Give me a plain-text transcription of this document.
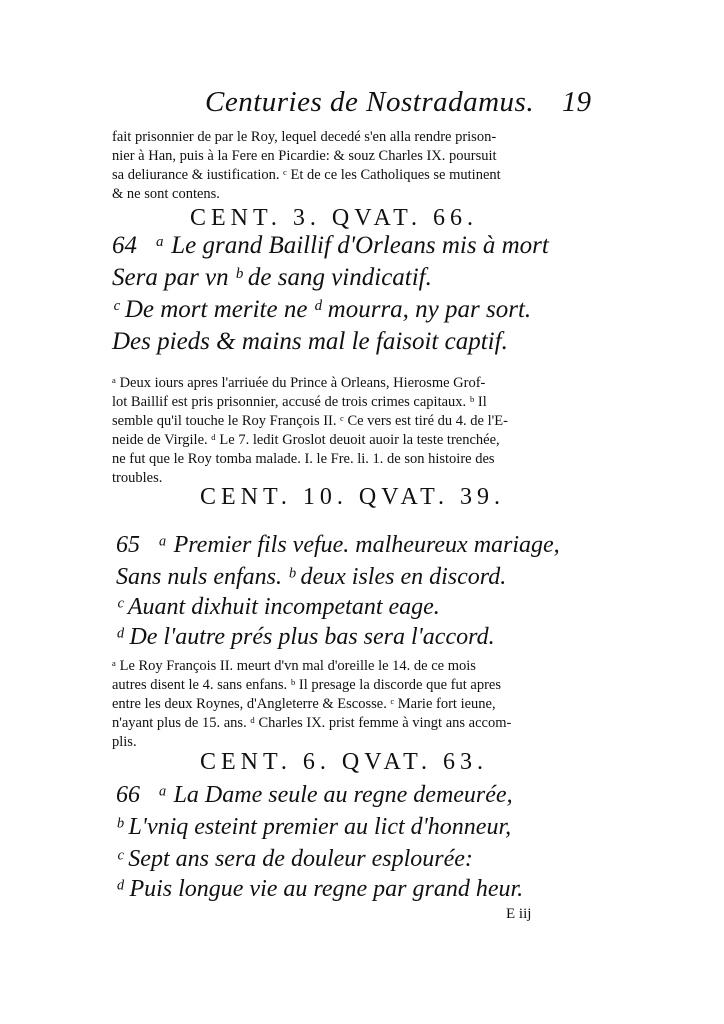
Centuries de Nostradamus. 19
fait prisonnier de par le Roy, lequel decedé s'en alla rendre prison-
nier à Han, puis à la Fere en Picardie: & souz Charles IX. poursuit
sa deliurance & iustification. ᶜ Et de ce les Catholiques se mutinent
& ne sont contens.
CENT. 3. QVAT. 66.
64 ᵃ Le grand Baillif d'Orleans mis à mort
Sera par vn ᵇ de sang vindicatif.
ᶜ De mort merite ne ᵈ mourra, ny par sort.
Des pieds & mains mal le faisoit captif.
ᵃ Deux iours apres l'arriuée du Prince à Orleans, Hierosme Grof-
lot Baillif est pris prisonnier, accusé de trois crimes capitaux. ᵇ Il
semble qu'il touche le Roy François II. ᶜ Ce vers est tiré du 4. de l'E-
neide de Virgile. ᵈ Le 7. ledit Groslot deuoit auoir la teste trenchée,
ne fut que le Roy tomba malade. I. le Fre. li. 1. de son histoire des
troubles.
CENT. 10. QVAT. 39.
65 ᵃ Premier fils vefue. malheureux mariage,
Sans nuls enfans. ᵇ deux isles en discord.
ᶜ Auant dixhuit incompetant eage.
ᵈ De l'autre prés plus bas sera l'accord.
ᵃ Le Roy François II. meurt d'vn mal d'oreille le 14. de ce mois
autres disent le 4. sans enfans. ᵇ Il presage la discorde que fut apres
entre les deux Roynes, d'Angleterre & Escosse. ᶜ Marie fort ieune,
n'ayant plus de 15. ans. ᵈ Charles IX. prist femme à vingt ans accom-
plis.
CENT. 6. QVAT. 63.
66 ᵃ La Dame seule au regne demeurée,
ᵇ L'vniq esteint premier au lict d'honneur,
ᶜ Sept ans sera de douleur esplourée:
ᵈ Puis longue vie au regne par grand heur.
E iij
